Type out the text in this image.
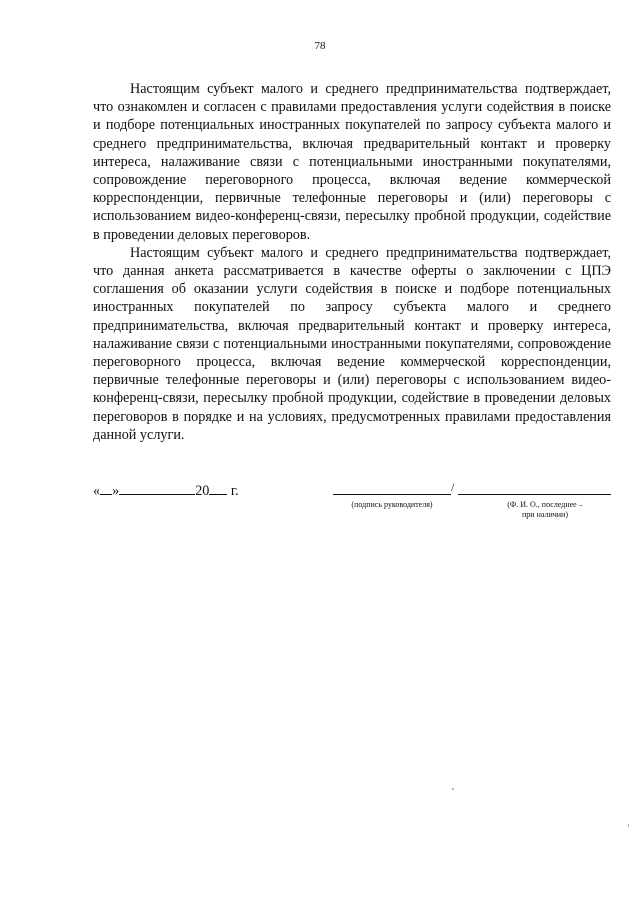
78

Настоящим субъект малого и среднего предпринимательства подтверждает, что ознакомлен и согласен с правилами предоставления услуги содействия в поиске и подборе потенциальных иностранных покупателей по запросу субъекта малого и среднего предпринимательства, включая предварительный контакт и проверку интереса, налаживание связи с потенциальными иностранными покупателями, сопровождение переговорного процесса, включая ведение коммерческой корреспонденции, первичные телефонные переговоры и (или) переговоры с использованием видео-конференц-связи, пересылку пробной продукции, содействие в проведении деловых переговоров.

Настоящим субъект малого и среднего предпринимательства подтверждает, что данная анкета рассматривается в качестве оферты о заключении с ЦПЭ соглашения об оказании услуги содействия в поиске и подборе потенциальных иностранных покупателей по запросу субъекта малого и среднего предпринимательства, включая предварительный контакт и проверку интереса, налаживание связи с потенциальными иностранными покупателями, сопровождение переговорного процесса, включая ведение коммерческой корреспонденции, первичные телефонные переговоры и (или) переговоры с использованием видео-конференц-связи, пересылку пробной продукции, содействие в проведении деловых переговоров в порядке и на условиях, предусмотренных правилами предоставления данной услуги.

« »	20 г.	/
(подпись руководителя)	(Ф. И. О., последнее –
при наличии)
